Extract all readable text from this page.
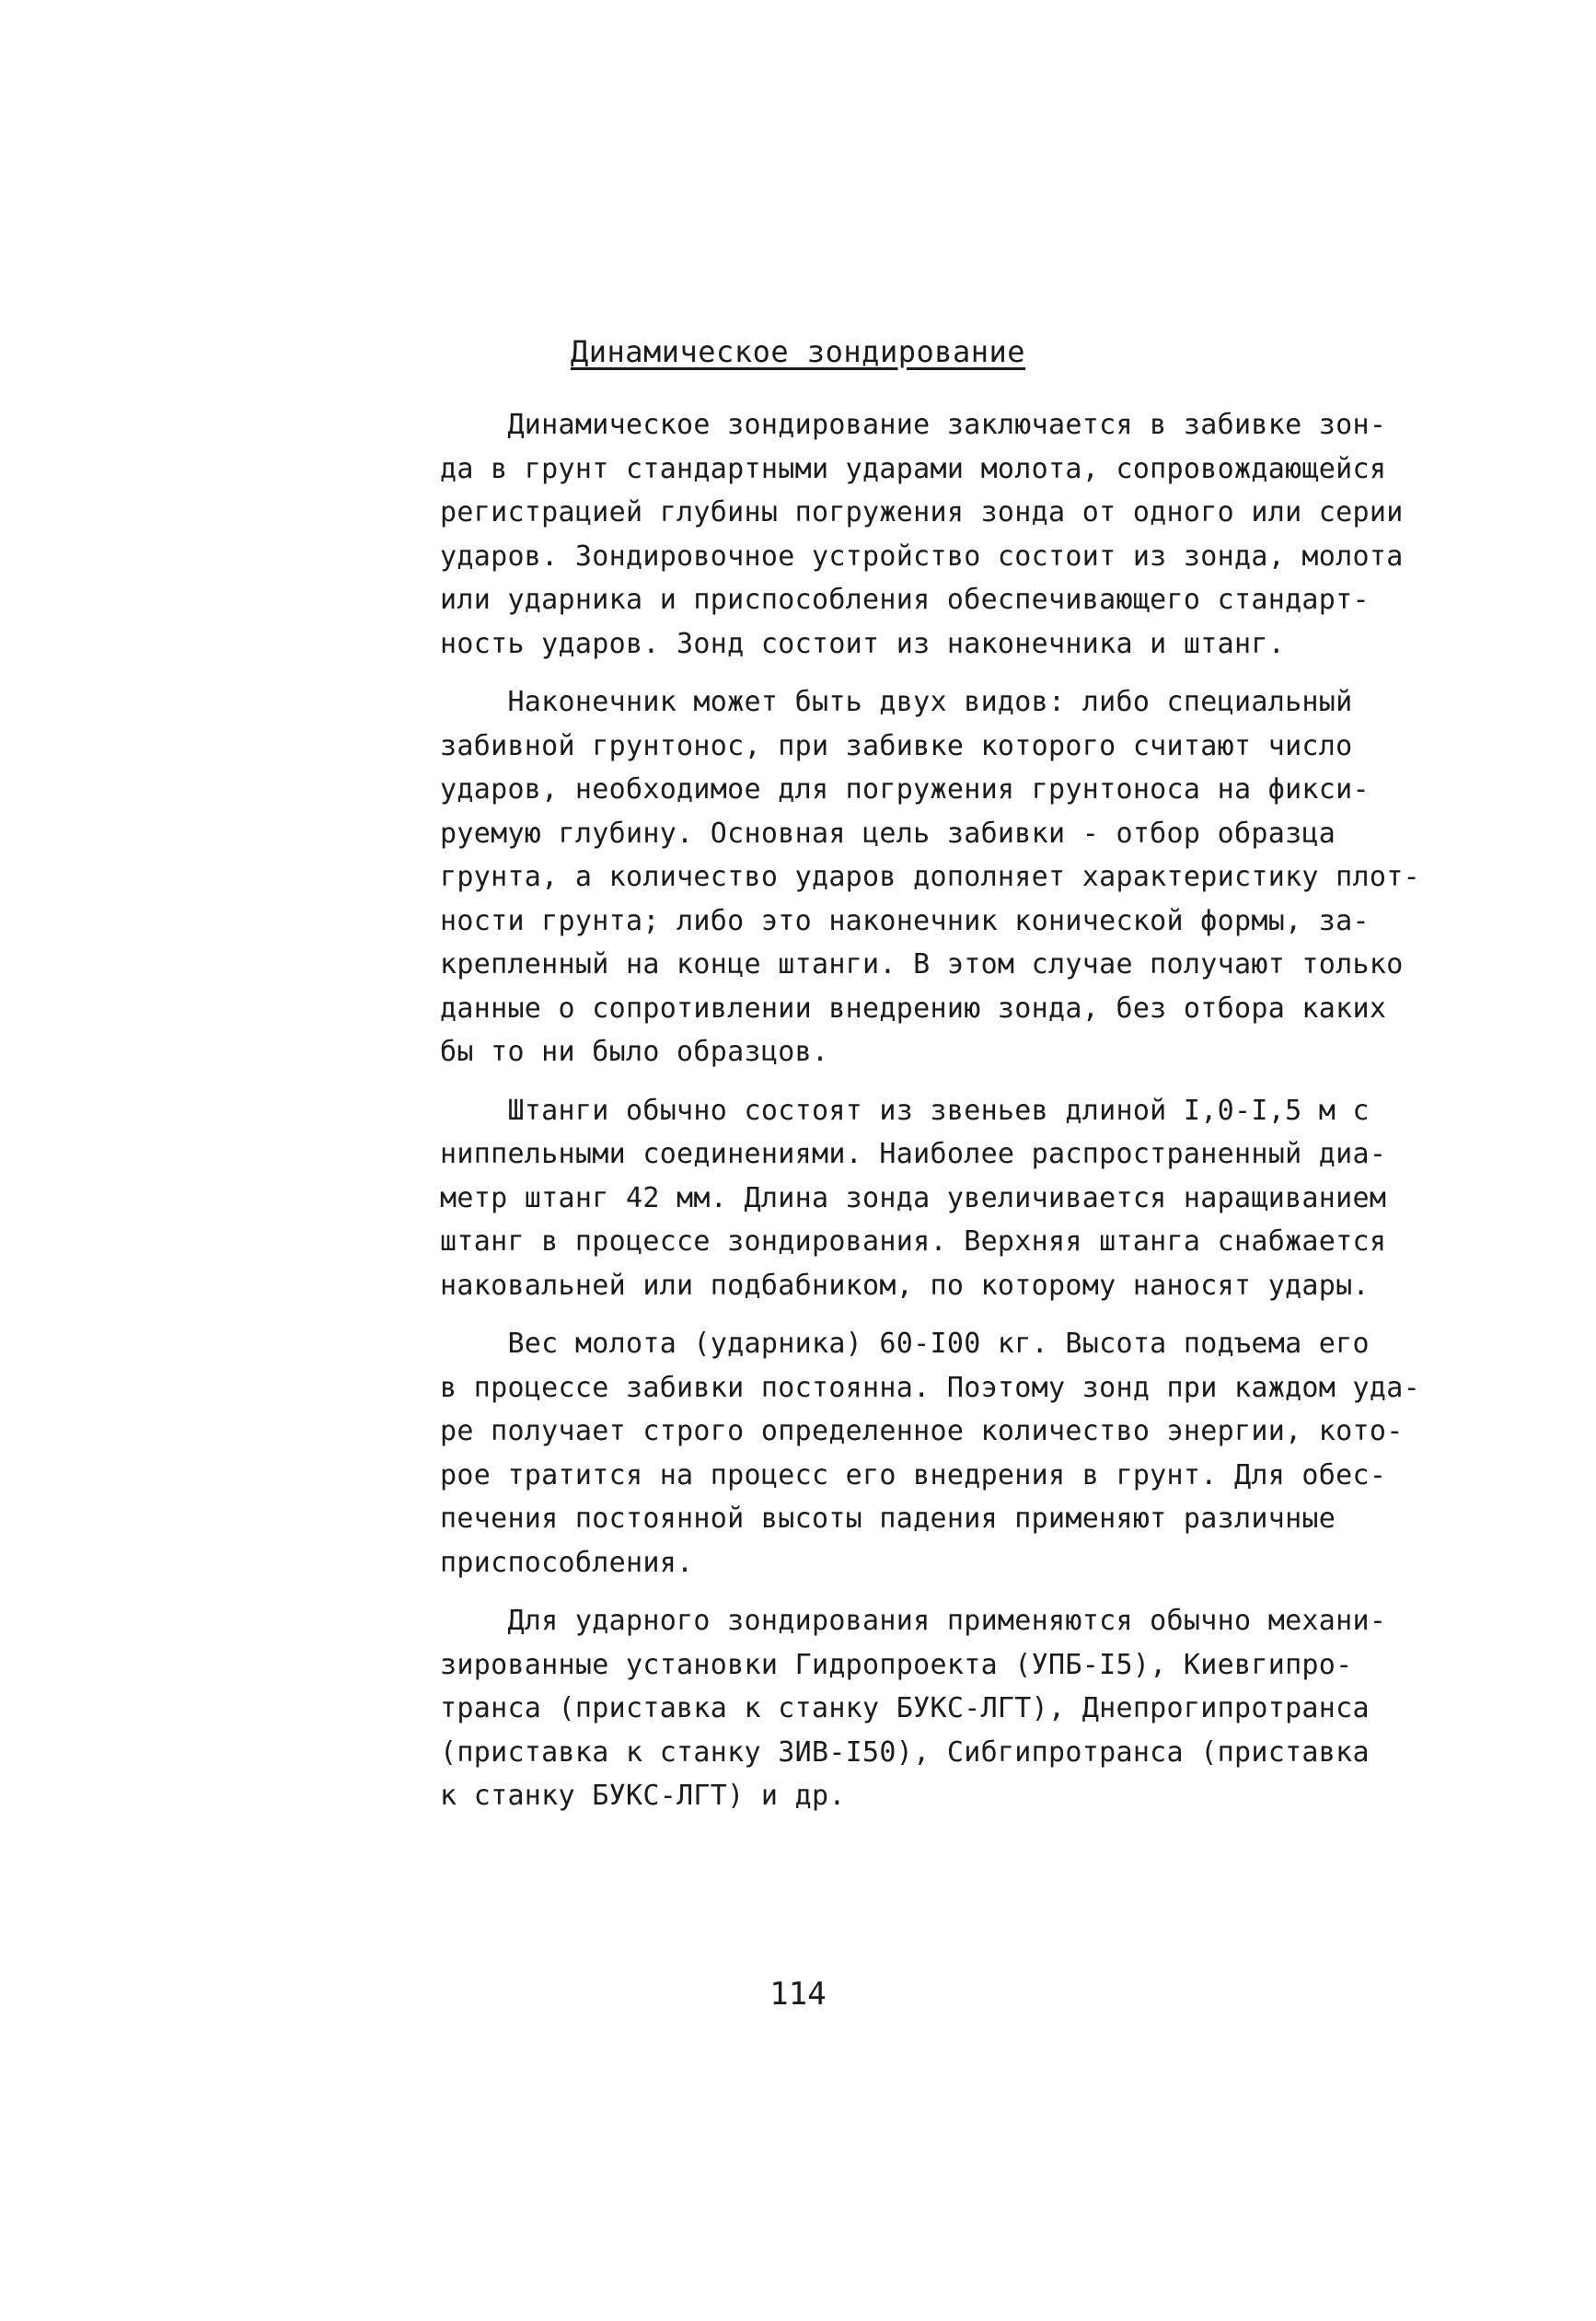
Динамическое зондирование

Динамическое зондирование заключается в забивке зон-
да в грунт стандартными ударами молота, сопровождающейся
регистрацией глубины погружения зонда от одного или серии
ударов. Зондировочное устройство состоит из зонда, молота
или ударника и приспособления обеспечивающего стандарт-
ность ударов. Зонд состоит из наконечника и штанг.

Наконечник может быть двух видов: либо специальный
забивной грунтонос, при забивке которого считают число
ударов, необходимое для погружения грунтоноса на фикси-
руемую глубину. Основная цель забивки - отбор образца
грунта, а количество ударов дополняет характеристику плот-
ности грунта; либо это наконечник конической формы, за-
крепленный на конце штанги. В этом случае получают только
данные о сопротивлении внедрению зонда, без отбора каких
бы то ни было образцов.

Штанги обычно состоят из звеньев длиной I,0-I,5 м с
ниппельными соединениями. Наиболее распространенный диа-
метр штанг 42 мм. Длина зонда увеличивается наращиванием
штанг в процессе зондирования. Верхняя штанга снабжается
наковальней или подбабником, по которому наносят удары.

Вес молота (ударника) 60-I00 кг. Высота подъема его
в процессе забивки постоянна. Поэтому зонд при каждом уда-
ре получает строго определенное количество энергии, кото-
рое тратится на процесс его внедрения в грунт. Для обес-
печения постоянной высоты падения применяют различные
приспособления.

Для ударного зондирования применяются обычно механи-
зированные установки Гидропроекта (УПБ-I5), Киевгипро-
транса (приставка к станку БУКС-ЛГТ), Днепрогипротранса
(приставка к станку ЗИВ-I50), Сибгипротранса (приставка
к станку БУКС-ЛГТ) и др.

114
